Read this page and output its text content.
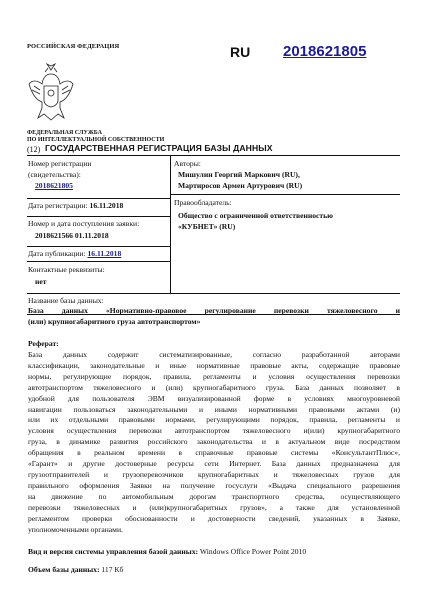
РОССИЙСКАЯ ФЕДЕРАЦИЯ	RU 2018621805
ФЕДЕРАЛЬНАЯ СЛУЖБА
ПО ИНТЕЛЛЕКТУАЛЬНОЙ СОБСТВЕННОСТИ
(12) ГОСУДАРСТВЕННАЯ РЕГИСТРАЦИЯ БАЗЫ ДАННЫХ
Номер регистрации
(свидетельства):
2018621805
Дата регистрации: 16.11.2018
Номер и дата поступления заявки:
2018621566 01.11.2018
Дата публикации: 16.11.2018
Контактные реквизиты:
нет
Авторы:
Мишулин Георгий Маркович (RU),
Мартиросов Армен Артурович (RU)
Правообладатель:
Общество с ограниченной ответственностью
«КУБНЕТ» (RU)
Название базы данных:
База данных «Нормативно-правовое регулирование перевозки тяжеловесного и
(или) крупногабаритного груза автотранспортом»
Реферат:
База данных содержит систематизированные, согласно разработанной авторами
классификации, законодательные и иные нормативные правовые акты, содержащие правовые
нормы, регулирующие порядок, правила, регламенты и условия осуществления перевозки
автотранспортом тяжеловесного и (или) крупногабаритного груза. База данных позволяет в
удобной для пользователя ЭВМ визуализированной форме в условиях многоуровневой
навигации пользоваться законодательными и иными нормативными правовыми актами (и)
или их отдельными правовыми нормами, регулирующими порядок, правила, регламенты и
условия осуществления перевозки автотранспортом тяжеловесного и(или) крупногабаритного
груза, в динамике развития российского законодательства и в актуальном виде посредством
обращения в реальном времени в справочные правовые системы «КонсультантПлюс»,
«Гарант» и другие достоверные ресурсы сети Интернет. База данных предназначена для
грузоотправителей и грузоперевозчиков крупногабаритных и тяжеловесных грузов для
правильного оформления Заявки на получение госуслуги «Выдача специального разрешения
на движение по автомобильным дорогам транспортного средства, осуществляющего
перевозки тяжеловесных и (или)крупногабаритных грузов», а также для установленной
регламентом проверки обоснованности и достоверности сведений, указанных в Заявке,
уполномоченными органами.
Вид и версия системы управления базой данных: Windows Office Power Point 2010
Объем базы данных: 117 Кб
